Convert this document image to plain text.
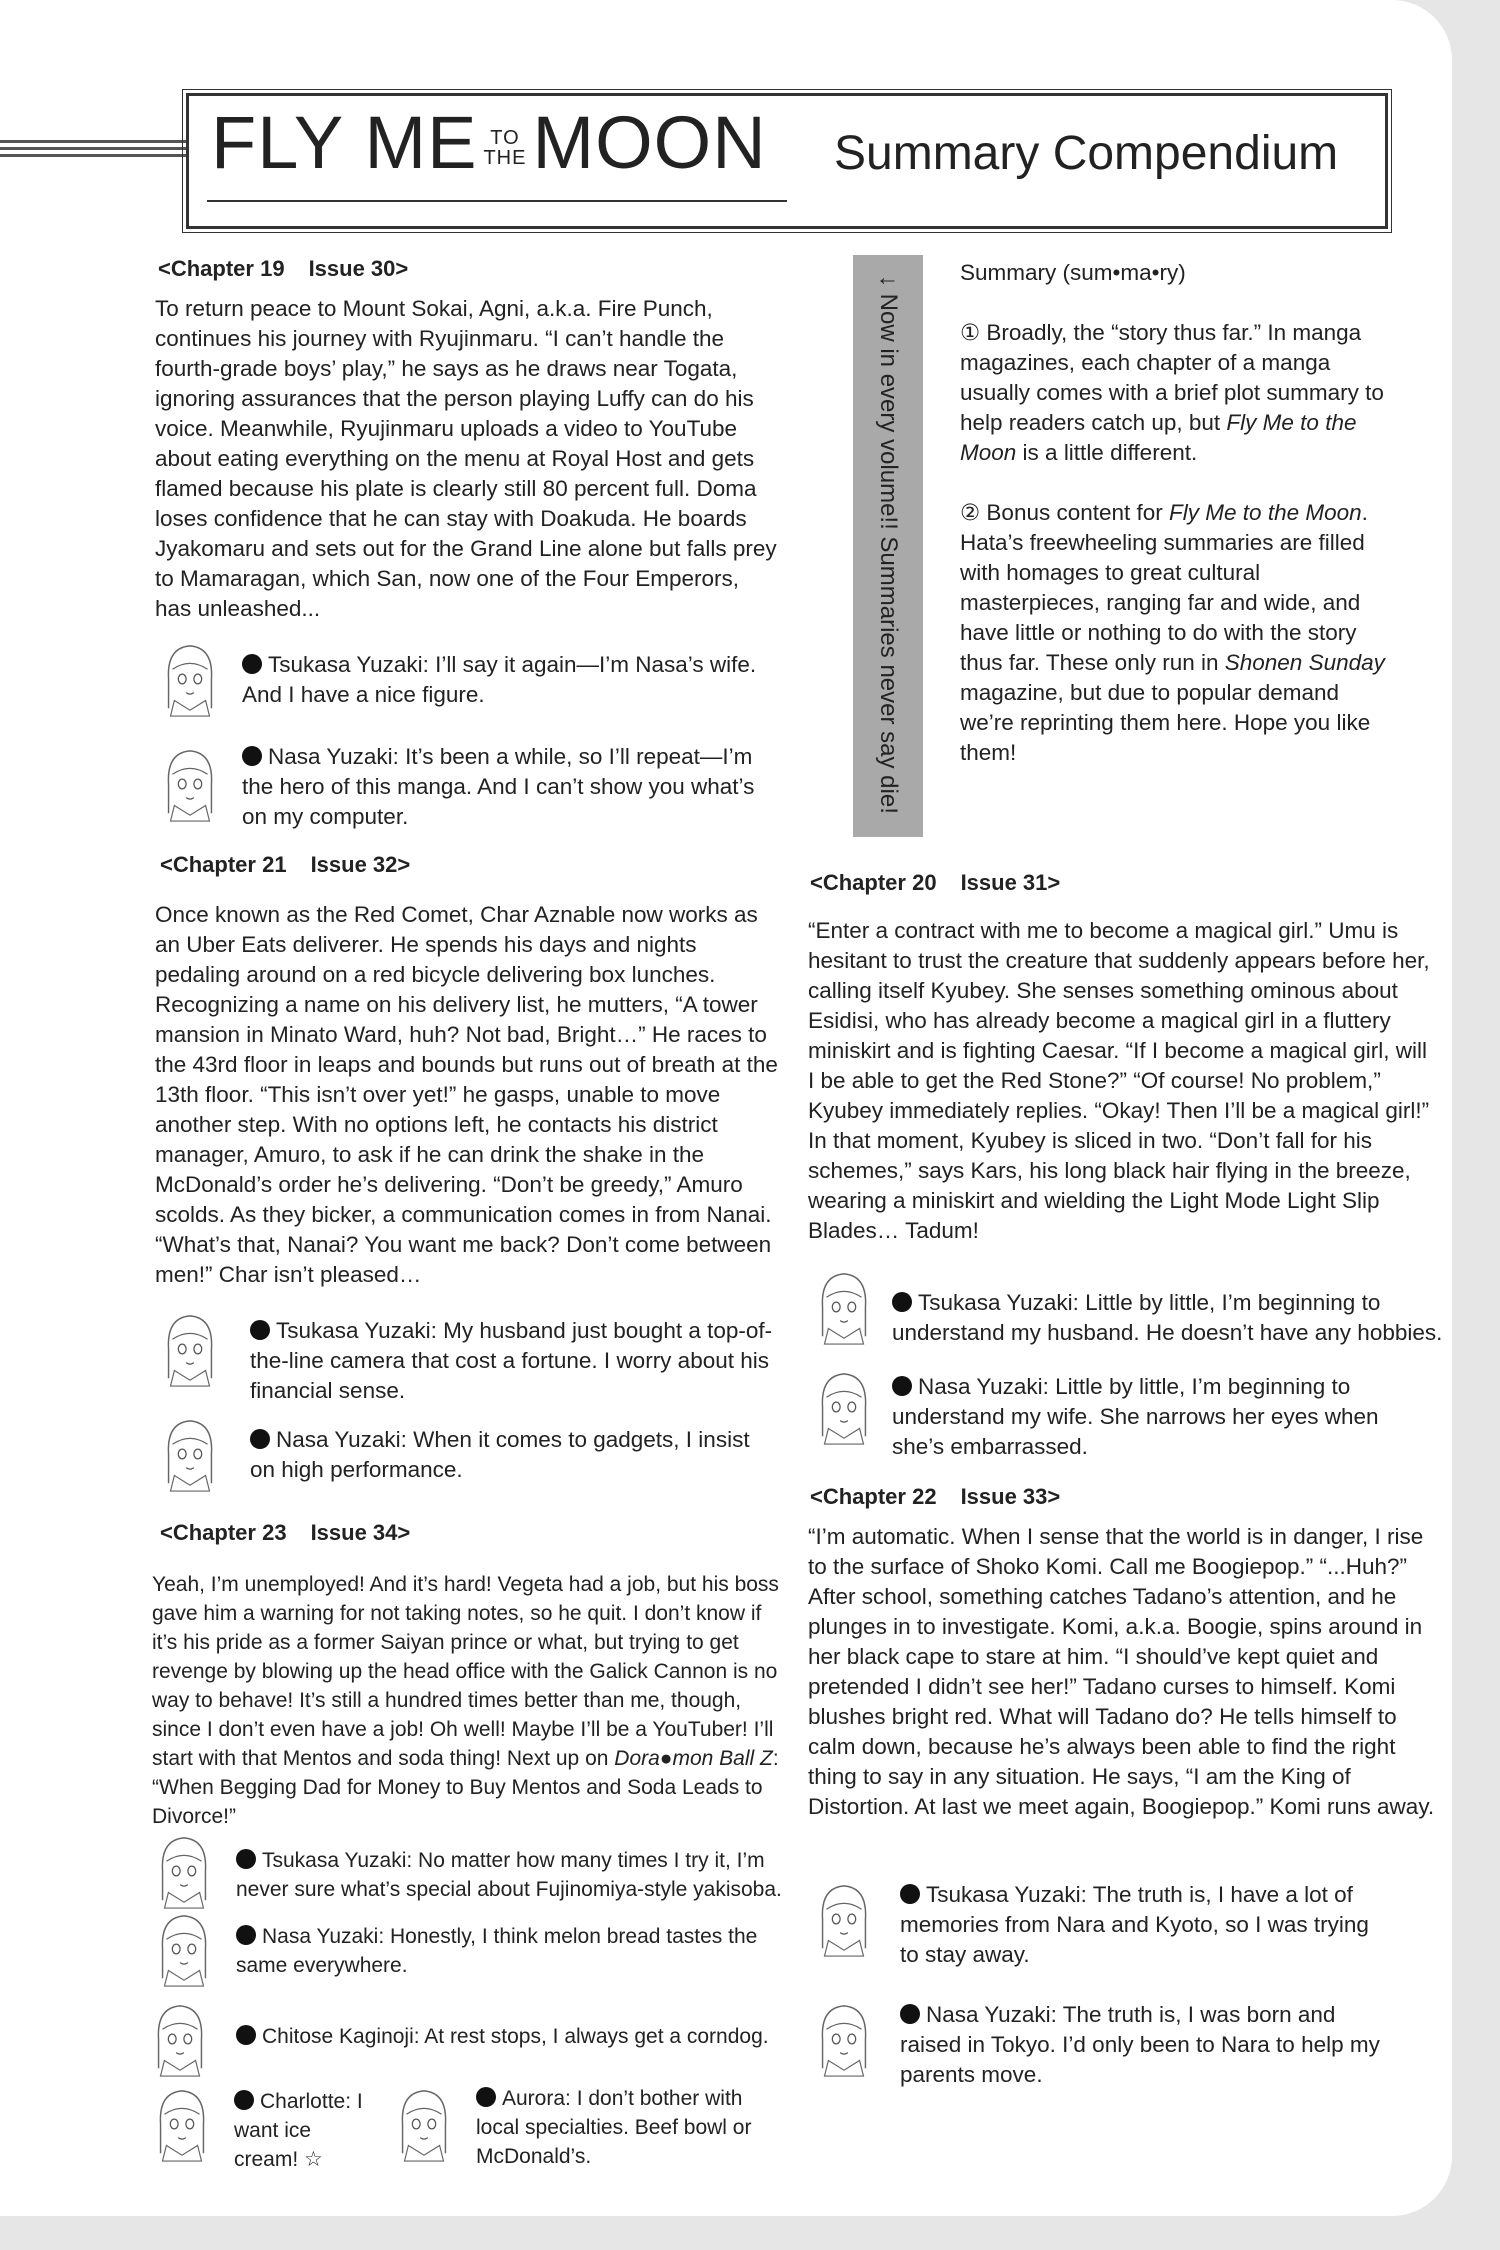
FLY ME TO
THEMOON Summary Compendium
↓ Now in every volume!! Summaries never say die!
Summary (sum•ma•ry)
① Broadly, the “story thus far.” In manga magazines, each chapter of a manga usually comes with a brief plot summary to help readers catch up, but Fly Me to the Moon is a little different.
② Bonus content for Fly Me to the Moon. Hata’s freewheeling summaries are filled with homages to great cultural masterpieces, ranging far and wide, and have little or nothing to do with the story thus far. These only run in Shonen Sunday magazine, but due to popular demand we’re reprinting them here. Hope you like them!
<Chapter 19 Issue 30>
To return peace to Mount Sokai, Agni, a.k.a. Fire Punch, continues his journey with Ryujinmaru. “I can’t handle the fourth-grade boys’ play,” he says as he draws near Togata, ignoring assurances that the person playing Luffy can do his voice. Meanwhile, Ryujinmaru uploads a video to YouTube about eating everything on the menu at Royal Host and gets flamed because his plate is clearly still 80 percent full. Doma loses confidence that he can stay with Doakuda. He boards Jyakomaru and sets out for the Grand Line alone but falls prey to Mamaragan, which San, now one of the Four Emperors, has unleashed...
Tsukasa Yuzaki: I’ll say it again—I’m Nasa’s wife. And I have a nice figure.
Nasa Yuzaki: It’s been a while, so I’ll repeat—I’m the hero of this manga. And I can’t show you what’s on my computer.
<Chapter 21 Issue 32>
Once known as the Red Comet, Char Aznable now works as an Uber Eats deliverer. He spends his days and nights pedaling around on a red bicycle delivering box lunches. Recognizing a name on his delivery list, he mutters, “A tower mansion in Minato Ward, huh? Not bad, Bright…” He races to the 43rd floor in leaps and bounds but runs out of breath at the 13th floor. “This isn’t over yet!” he gasps, unable to move another step. With no options left, he contacts his district manager, Amuro, to ask if he can drink the shake in the McDonald’s order he’s delivering. “Don’t be greedy,” Amuro scolds. As they bicker, a communication comes in from Nanai. “What’s that, Nanai? You want me back? Don’t come between men!” Char isn’t pleased…
Tsukasa Yuzaki: My husband just bought a top-of-the-line camera that cost a fortune. I worry about his financial sense.
Nasa Yuzaki: When it comes to gadgets, I insist on high performance.
<Chapter 23 Issue 34>
Yeah, I’m unemployed! And it’s hard! Vegeta had a job, but his boss gave him a warning for not taking notes, so he quit. I don’t know if it’s his pride as a former Saiyan prince or what, but trying to get revenge by blowing up the head office with the Galick Cannon is no way to behave! It’s still a hundred times better than me, though, since I don’t even have a job! Oh well! Maybe I’ll be a YouTuber! I’ll start with that Mentos and soda thing! Next up on Dora●mon Ball Z: “When Begging Dad for Money to Buy Mentos and Soda Leads to Divorce!”
Tsukasa Yuzaki: No matter how many times I try it, I’m never sure what’s special about Fujinomiya-style yakisoba.
Nasa Yuzaki: Honestly, I think melon bread tastes the same everywhere.
Chitose Kaginoji: At rest stops, I always get a corndog.
Charlotte: I want ice cream! ☆
Aurora: I don’t bother with local specialties. Beef bowl or McDonald’s.
<Chapter 20 Issue 31>
“Enter a contract with me to become a magical girl.” Umu is hesitant to trust the creature that suddenly appears before her, calling itself Kyubey. She senses something ominous about Esidisi, who has already become a magical girl in a fluttery miniskirt and is fighting Caesar. “If I become a magical girl, will I be able to get the Red Stone?” “Of course! No problem,” Kyubey immediately replies. “Okay! Then I’ll be a magical girl!” In that moment, Kyubey is sliced in two. “Don’t fall for his schemes,” says Kars, his long black hair flying in the breeze, wearing a miniskirt and wielding the Light Mode Light Slip Blades… Tadum!
Tsukasa Yuzaki: Little by little, I’m beginning to understand my husband. He doesn’t have any hobbies.
Nasa Yuzaki: Little by little, I’m beginning to understand my wife. She narrows her eyes when she’s embarrassed.
<Chapter 22 Issue 33>
“I’m automatic. When I sense that the world is in danger, I rise to the surface of Shoko Komi. Call me Boogiepop.” “...Huh?” After school, something catches Tadano’s attention, and he plunges in to investigate. Komi, a.k.a. Boogie, spins around in her black cape to stare at him. “I should’ve kept quiet and pretended I didn’t see her!” Tadano curses to himself. Komi blushes bright red. What will Tadano do? He tells himself to calm down, because he’s always been able to find the right thing to say in any situation. He says, “I am the King of Distortion. At last we meet again, Boogiepop.” Komi runs away.
Tsukasa Yuzaki: The truth is, I have a lot of memories from Nara and Kyoto, so I was trying to stay away.
Nasa Yuzaki: The truth is, I was born and raised in Tokyo. I’d only been to Nara to help my parents move.
